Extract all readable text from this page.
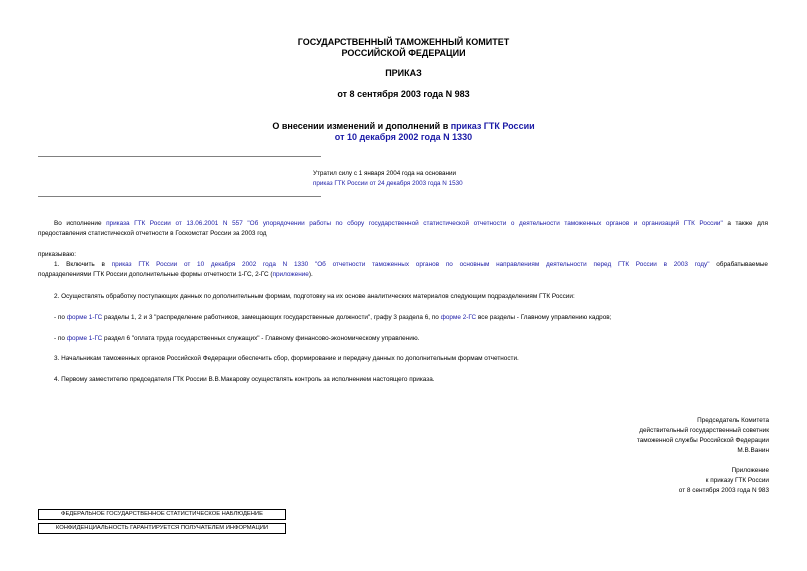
ГОСУДАРСТВЕННЫЙ ТАМОЖЕННЫЙ КОМИТЕТ
РОССИЙСКОЙ ФЕДЕРАЦИИ
ПРИКАЗ
от 8 сентября 2003 года N 983
О внесении изменений и дополнений в приказ ГТК России
от 10 декабря 2002 года N 1330
Утратил силу с 1 января 2004 года на основании
приказ ГТК России от 24 декабря 2003 года N 1530
Во исполнение приказа ГТК России от 13.06.2001 N 557 "Об упорядочении работы по сбору государственной статистической отчетности о деятельности таможенных органов и организаций ГТК России" а также для
предоставления статистической отчетности в Госкомстат России за 2003 год
приказываю:
1. Включить в приказ ГТК России от 10 декабря 2002 года N 1330 "Об отчетности таможенных органов по основным направлениям деятельности перед ГТК России в 2003 году" обрабатываемые
подразделениями ГТК России дополнительные формы отчетности 1-ГС, 2-ГС (приложение).
2. Осуществлять обработку поступающих данных по дополнительным формам, подготовку на их основе аналитических материалов следующим подразделениям ГТК России:
- по форме 1-ГС разделы 1, 2 и 3 "распределение работников, замещающих государственные должности", графу 3 раздела 6, по форме 2-ГС все разделы - Главному управлению кадров;
- по форме 1-ГС раздел 6 "оплата труда государственных служащих" - Главному финансово-экономическому управлению.
3. Начальникам таможенных органов Российской Федерации обеспечить сбор, формирование и передачу данных по дополнительным формам отчетности.
4. Первому заместителю председателя ГТК России В.В.Макарову осуществлять контроль за исполнением настоящего приказа.
Председатель Комитета
действительный государственный советник
таможенной службы Российской Федерации
М.В.Ванин
Приложение
к приказу ГТК России
от 8 сентября 2003 года N 983
ФЕДЕРАЛЬНОЕ ГОСУДАРСТВЕННОЕ СТАТИСТИЧЕСКОЕ НАБЛЮДЕНИЕ
КОНФИДЕНЦИАЛЬНОСТЬ ГАРАНТИРУЕТСЯ ПОЛУЧАТЕЛЕМ ИНФОРМАЦИИ
